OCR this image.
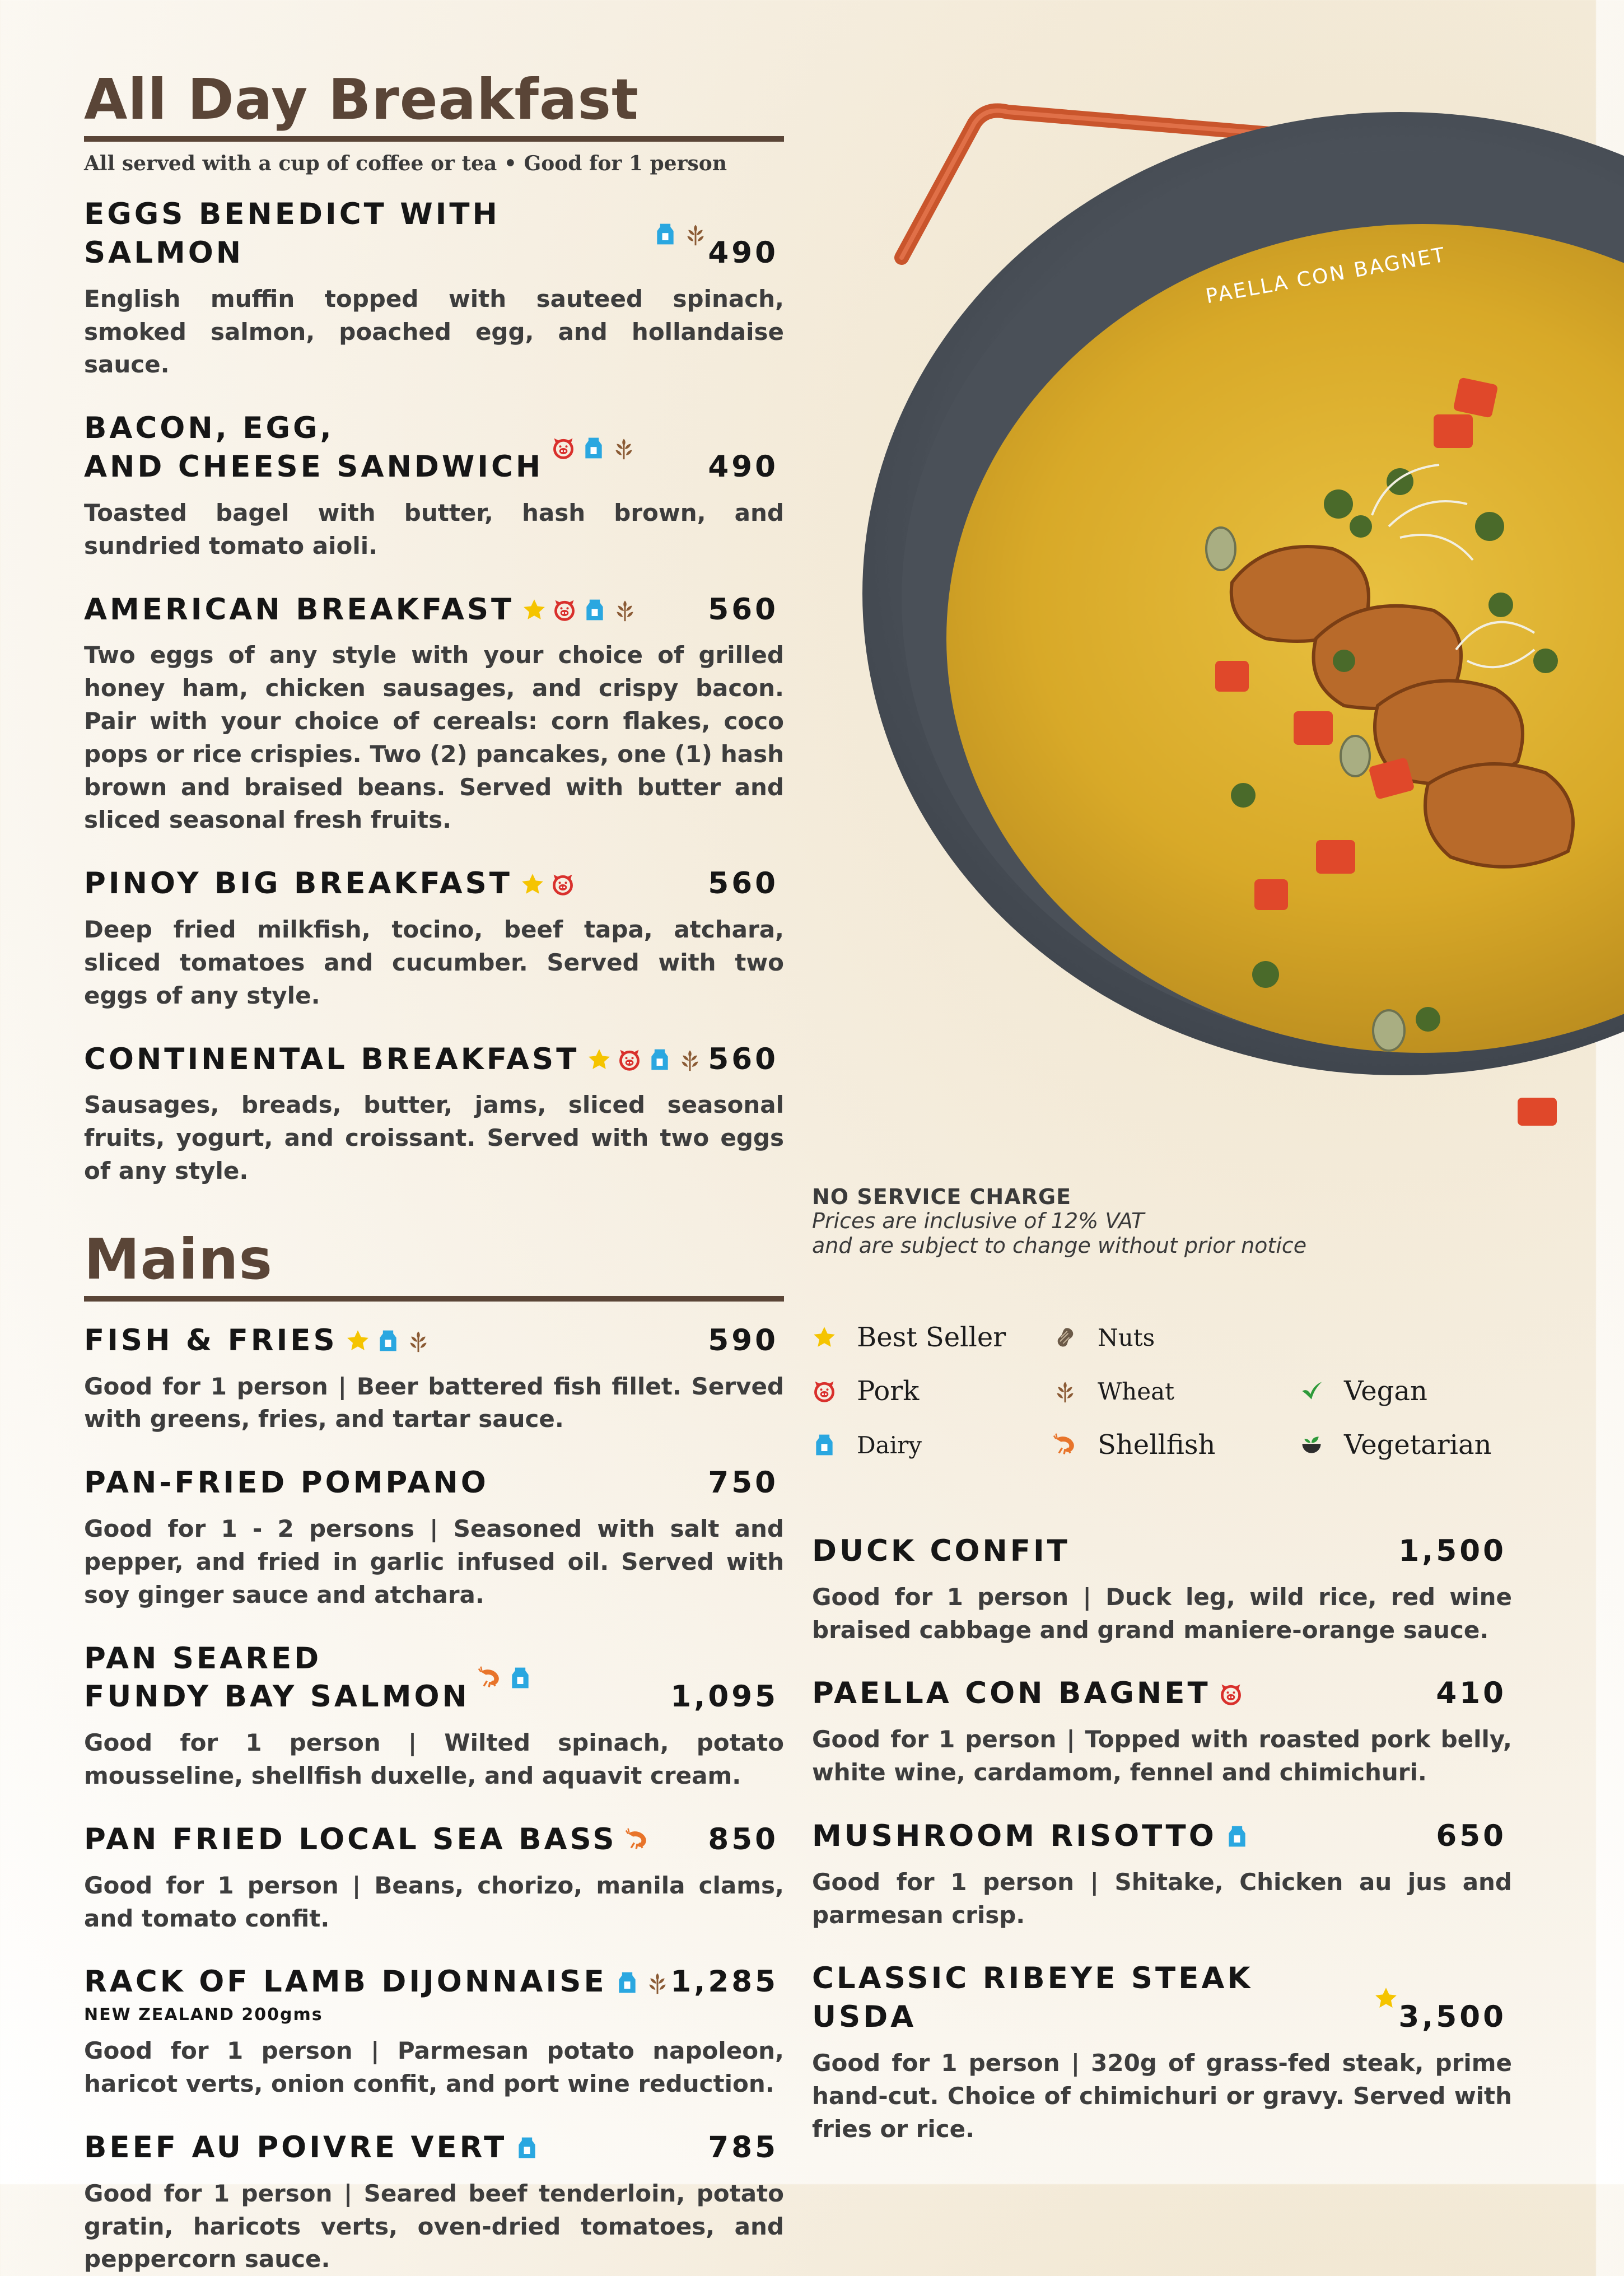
PAELLA CON BAGNET
All Day Breakfast
All served with a cup of coffee or tea • Good for 1 person
EGGS BENEDICT WITH SALMON	490
English muffin topped with sauteed spinach, smoked salmon, poached egg, and hollandaise sauce.
BACON, EGG,
AND CHEESE SANDWICH	490
Toasted bagel with butter, hash brown, and sundried tomato aioli.
AMERICAN BREAKFAST	560
Two eggs of any style with your choice of grilled honey ham, chicken sausages, and crispy bacon. Pair with your choice of cereals: corn flakes, coco pops or rice crispies. Two (2) pancakes, one (1) hash brown and braised beans. Served with butter and sliced seasonal fresh fruits.
PINOY BIG BREAKFAST	560
Deep fried milkfish, tocino, beef tapa, atchara, sliced tomatoes and cucumber. Served with two eggs of any style.
CONTINENTAL BREAKFAST	560
Sausages, breads, butter, jams, sliced seasonal fruits, yogurt, and croissant. Served with two eggs of any style.
Mains
FISH & FRIES	590
Good for 1 person | Beer battered fish fillet. Served with greens, fries, and tartar sauce.
PAN-FRIED POMPANO	750
Good for 1 - 2 persons | Seasoned with salt and pepper, and fried in garlic infused oil. Served with soy ginger sauce and atchara.
PAN SEARED
FUNDY BAY SALMON	1,095
Good for 1 person | Wilted spinach, potato mousseline, shellfish duxelle, and aquavit cream.
PAN FRIED LOCAL SEA BASS	850
Good for 1 person | Beans, chorizo, manila clams, and tomato confit.
RACK OF LAMB DIJONNAISE 1,285
NEW ZEALAND 200gms
Good for 1 person | Parmesan potato napoleon, haricot verts, onion confit, and port wine reduction.
BEEF AU POIVRE VERT	785
Good for 1 person | Seared beef tenderloin, potato gratin, haricots verts, oven-dried tomatoes, and peppercorn sauce.
NO SERVICE CHARGE
Prices are inclusive of 12% VAT
and are subject to change without prior notice
Best Seller	Nuts
Pork	Wheat	Vegan
Dairy	Shellfish	Vegetarian
DUCK CONFIT	1,500
Good for 1 person | Duck leg, wild rice, red wine braised cabbage and grand maniere-orange sauce.
PAELLA CON BAGNET	410
Good for 1 person | Topped with roasted pork belly, white wine, cardamom, fennel and chimichuri.
MUSHROOM RISOTTO	650
Good for 1 person | Shitake, Chicken au jus and parmesan crisp.
CLASSIC RIBEYE STEAK USDA	3,500
Good for 1 person | 320g of grass-fed steak, prime hand-cut. Choice of chimichuri or gravy. Served with fries or rice.
